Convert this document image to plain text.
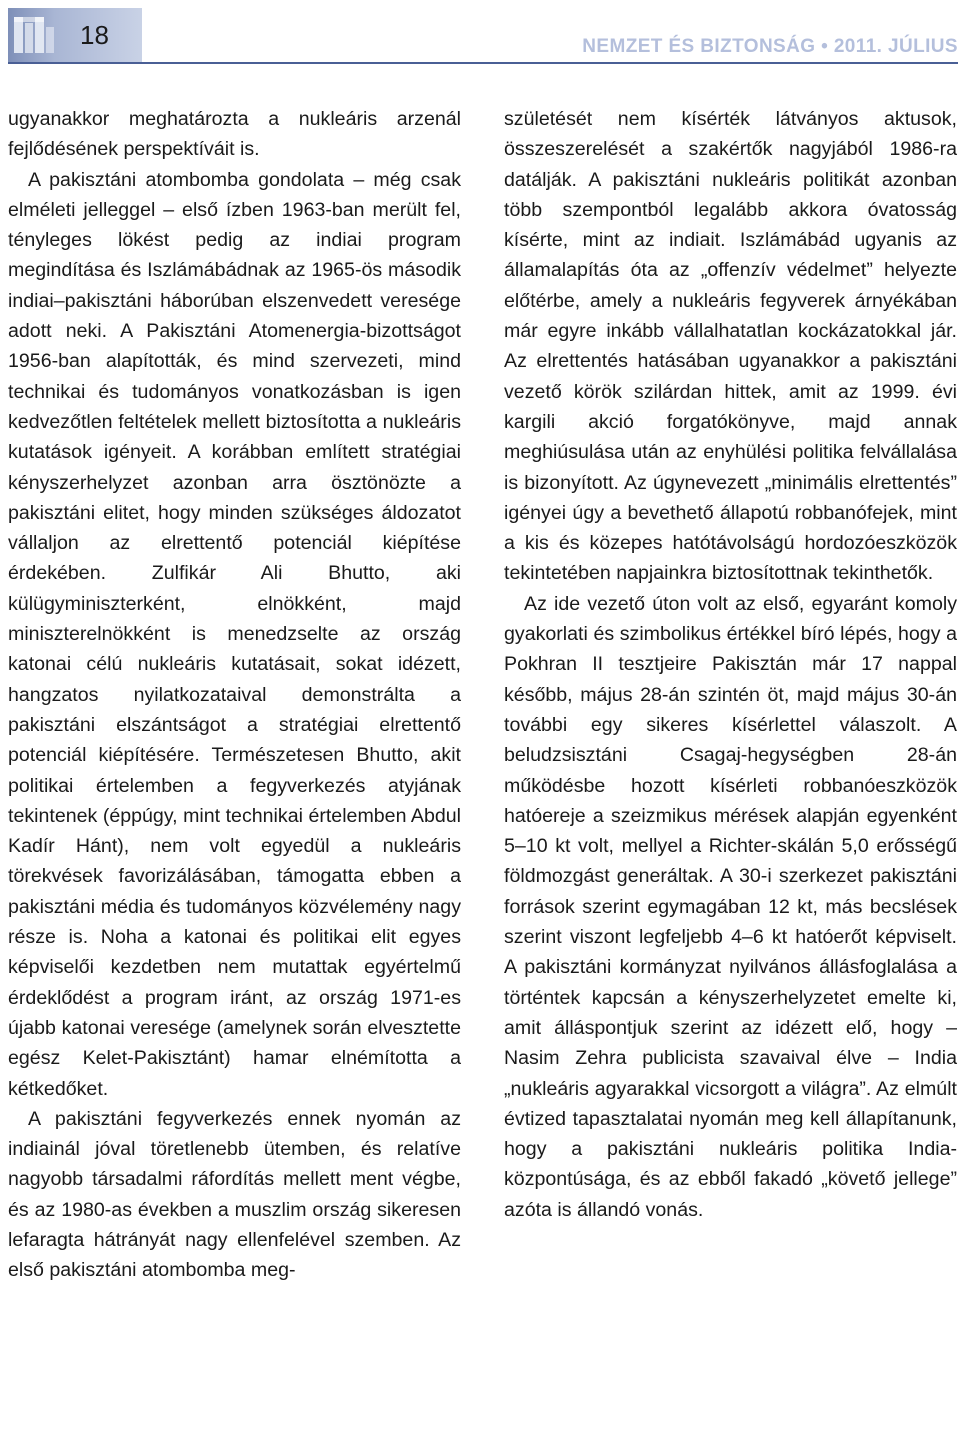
18	NEMZET ÉS BIZTONSÁG • 2011. JÚLIUS

ugyanakkor meghatározta a nukleáris arzenál fejlődésének perspektíváit is.

A pakisztáni atombomba gondolata – még csak elméleti jelleggel – első ízben 1963-ban merült fel, tényleges lökést pedig az indiai program megindítása és Iszlámábádnak az 1965-ös második indiai–pakisztáni háborúban elszenvedett veresége adott neki. A Pakisztáni Atomenergia-bizottságot 1956-ban alapították, és mind szervezeti, mind technikai és tudományos vonatkozásban is igen kedvezőtlen feltételek mellett biztosította a nukleáris kutatások igényeit. A korábban említett stratégiai kényszerhelyzet azonban arra ösztönözte a pakisztáni elitet, hogy minden szükséges áldozatot vállaljon az elrettentő potenciál kiépítése érdekében. Zulfikár Ali Bhutto, aki külügyminiszterként, elnökként, majd miniszterelnökként is menedzselte az ország katonai célú nukleáris kutatásait, sokat idézett, hangzatos nyilatkozataival demonstrálta a pakisztáni elszántságot a stratégiai elrettentő potenciál kiépítésére. Természetesen Bhutto, akit politikai értelemben a fegyverkezés atyjának tekintenek (éppúgy, mint technikai értelemben Abdul Kadír Hánt), nem volt egyedül a nukleáris törekvések favorizálásában, támogatta ebben a pakisztáni média és tudományos közvélemény nagy része is. Noha a katonai és politikai elit egyes képviselői kezdetben nem mutattak egyértelmű érdeklődést a program iránt, az ország 1971-es újabb katonai veresége (amelynek során elvesztette egész Kelet-Pakisztánt) hamar elnémította a kétkedőket.

A pakisztáni fegyverkezés ennek nyomán az indiainál jóval töretlenebb ütemben, és relatíve nagyobb társadalmi ráfordítás mellett ment végbe, és az 1980-as években a muszlim ország sikeresen lefaragta hátrányát nagy ellenfelével szemben. Az első pakisztáni atombomba meg-

születését nem kísérték látványos aktusok, összeszerelését a szakértők nagyjából 1986-ra datálják. A pakisztáni nukleáris politikát azonban több szempontból legalább akkora óvatosság kísérte, mint az indiait. Iszlámábád ugyanis az államalapítás óta az „offenzív védelmet” helyezte előtérbe, amely a nukleáris fegyverek árnyékában már egyre inkább vállalhatatlan kockázatokkal jár. Az elrettentés hatásában ugyanakkor a pakisztáni vezető körök szilárdan hittek, amit az 1999. évi kargili akció forgatókönyve, majd annak meghiúsulása után az enyhülési politika felvállalása is bizonyított. Az úgynevezett „minimális elrettentés” igényei úgy a bevethető állapotú robbanófejek, mint a kis és közepes hatótávolságú hordozóeszközök tekintetében napjainkra biztosítottnak tekinthetők.

Az ide vezető úton volt az első, egyaránt komoly gyakorlati és szimbolikus értékkel bíró lépés, hogy a Pokhran II tesztjeire Pakisztán már 17 nappal később, május 28-án szintén öt, majd május 30-án további egy sikeres kísérlettel válaszolt. A beludzsisztáni Csagaj-hegységben 28-án működésbe hozott kísérleti robbanóeszközök hatóereje a szeizmikus mérések alapján egyenként 5–10 kt volt, mellyel a Richter-skálán 5,0 erősségű földmozgást generáltak. A 30-i szerkezet pakisztáni források szerint egymagában 12 kt, más becslések szerint viszont legfeljebb 4–6 kt hatóerőt képviselt. A pakisztáni kormányzat nyilvános állásfoglalása a történtek kapcsán a kényszerhelyzetet emelte ki, amit álláspontjuk szerint az idézett elő, hogy – Nasim Zehra publicista szavaival élve – India „nukleáris agyarakkal vicsorgott a világra”. Az elmúlt évtized tapasztalatai nyomán meg kell állapítanunk, hogy a pakisztáni nukleáris politika India-központúsága, és az ebből fakadó „követő jellege” azóta is állandó vonás.
